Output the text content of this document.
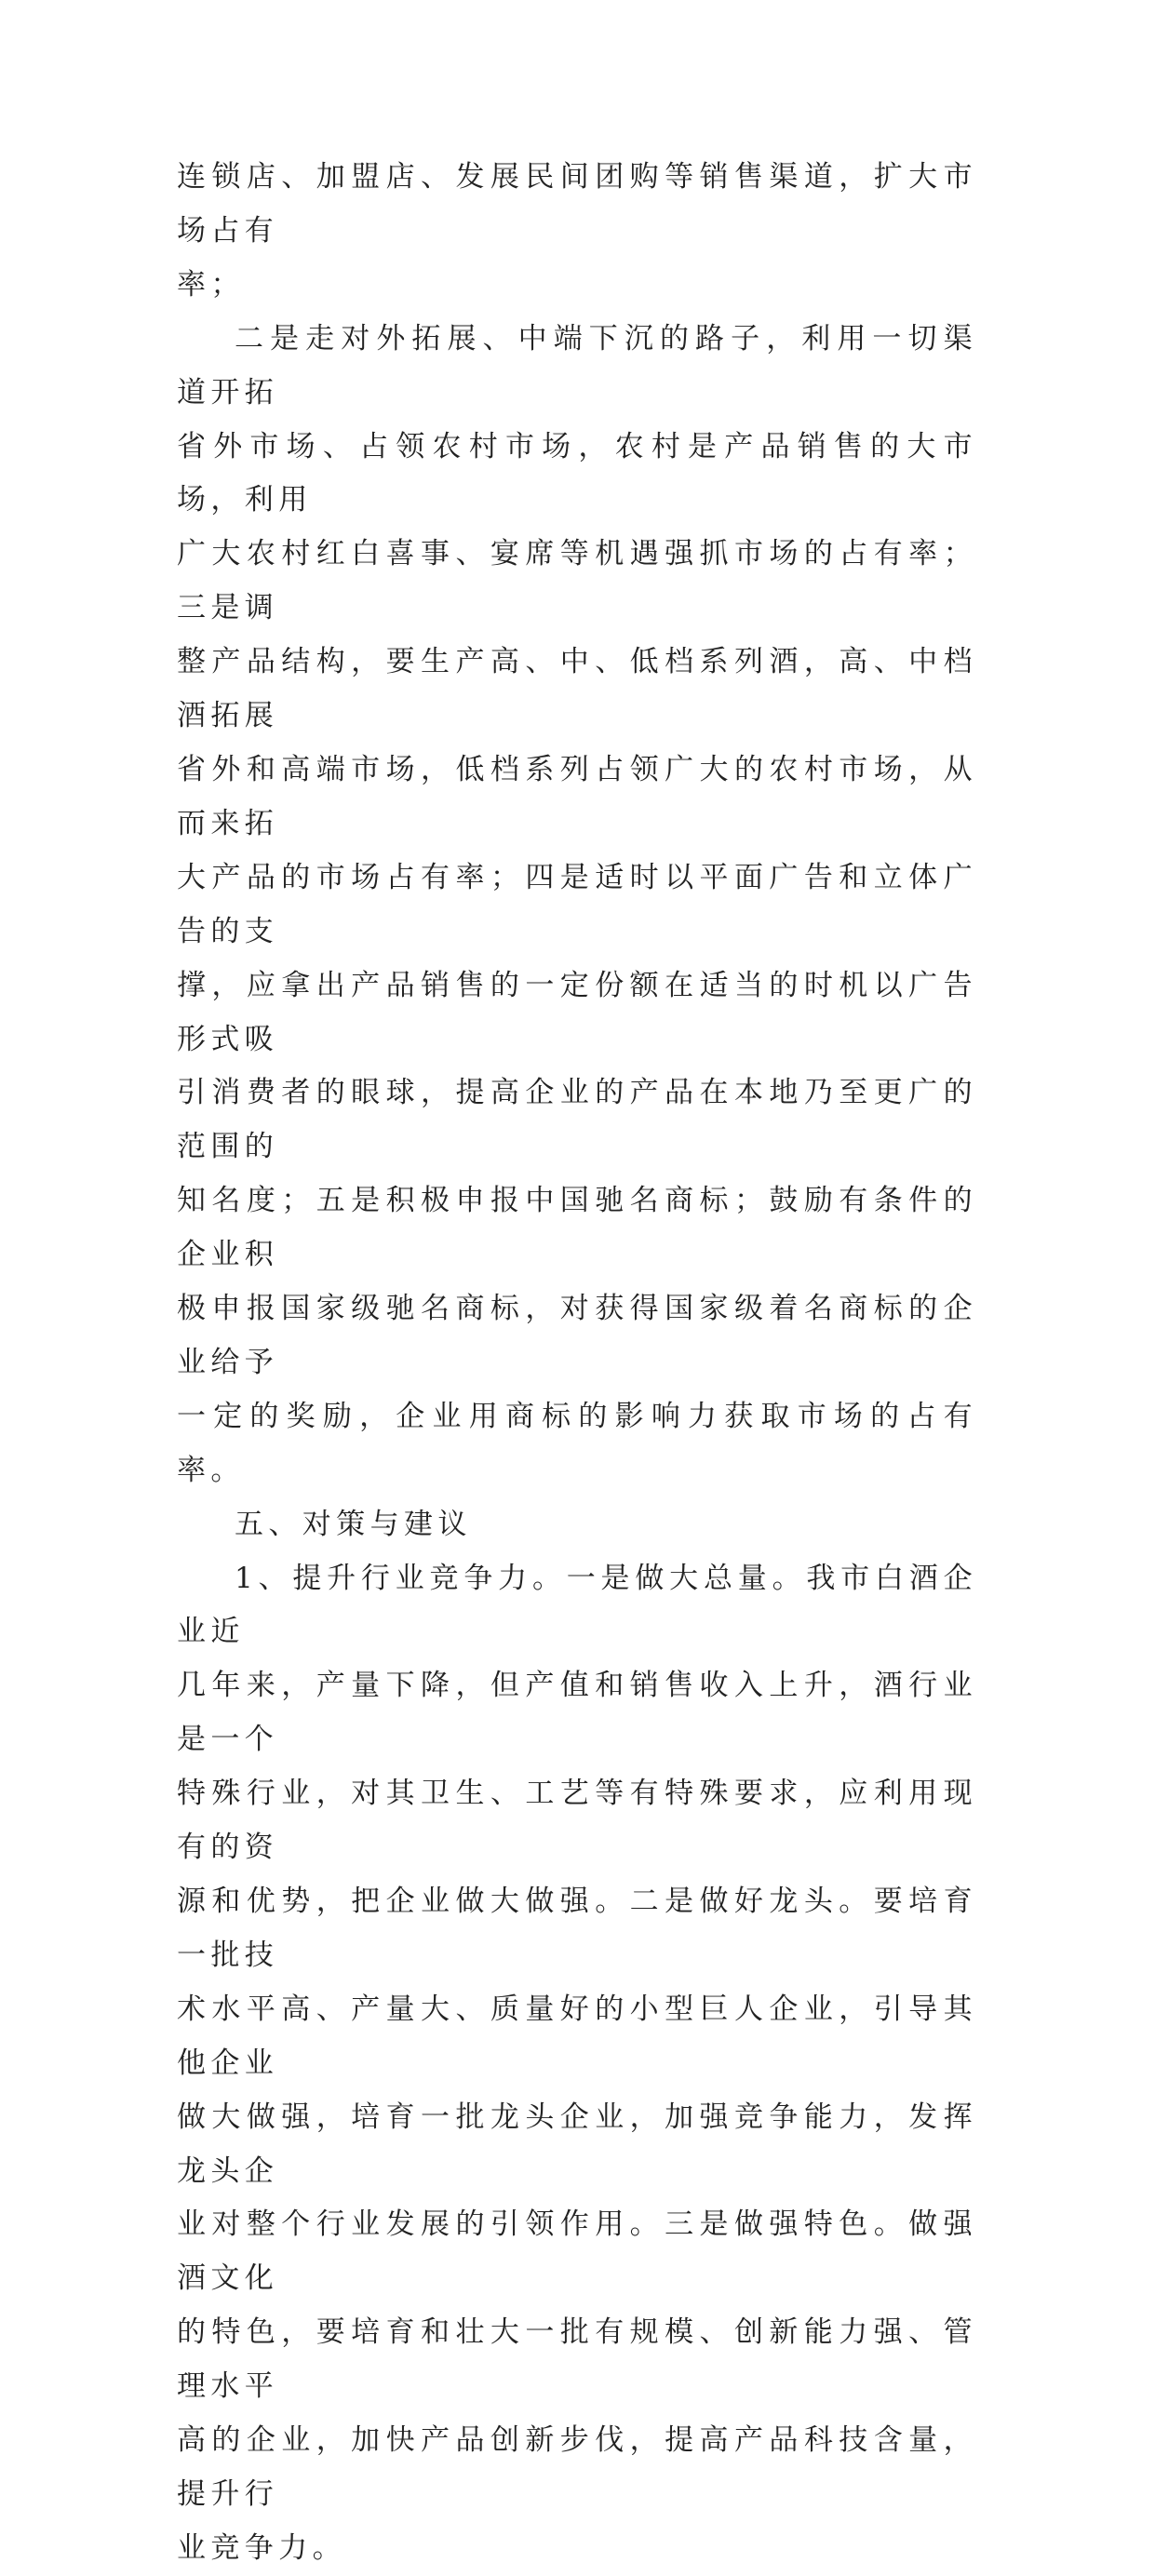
连锁店、加盟店、发展民间团购等销售渠道，扩大市场占有
率；

二是走对外拓展、中端下沉的路子，利用一切渠道开拓
省外市场、占领农村市场，农村是产品销售的大市场，利用
广大农村红白喜事、宴席等机遇强抓市场的占有率；三是调
整产品结构，要生产高、中、低档系列酒，高、中档酒拓展
省外和高端市场，低档系列占领广大的农村市场，从而来拓
大产品的市场占有率；四是适时以平面广告和立体广告的支
撑，应拿出产品销售的一定份额在适当的时机以广告形式吸
引消费者的眼球，提高企业的产品在本地乃至更广的范围的
知名度；五是积极申报中国驰名商标；鼓励有条件的企业积
极申报国家级驰名商标，对获得国家级着名商标的企业给予
一定的奖励，企业用商标的影响力获取市场的占有率。

五、对策与建议

1、提升行业竞争力。一是做大总量。我市白酒企业近
几年来，产量下降，但产值和销售收入上升，酒行业是一个
特殊行业，对其卫生、工艺等有特殊要求，应利用现有的资
源和优势，把企业做大做强。二是做好龙头。要培育一批技
术水平高、产量大、质量好的小型巨人企业，引导其他企业
做大做强，培育一批龙头企业，加强竞争能力，发挥龙头企
业对整个行业发展的引领作用。三是做强特色。做强酒文化
的特色，要培育和壮大一批有规模、创新能力强、管理水平
高的企业，加快产品创新步伐，提高产品科技含量，提升行
业竞争力。
